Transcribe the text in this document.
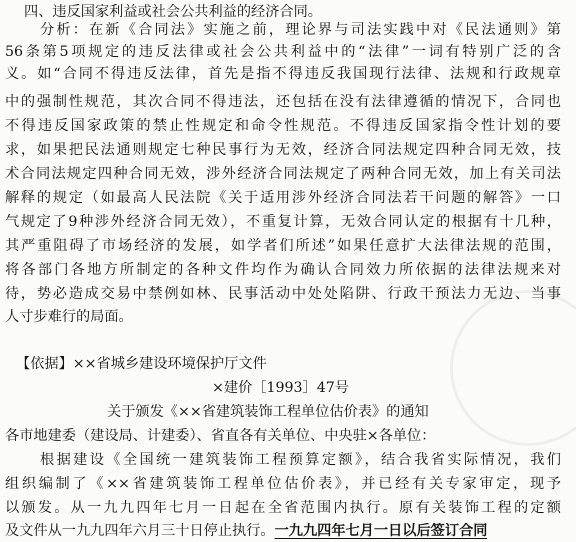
四、违反国家利益或社会公共利益的经济合同。
分析：在新《合同法》实施之前，理论界与司法实践中对《民法通则》第
56条第5项规定的违反法律或社会公共利益中的“法律”一词有特别广泛的含
义。如“合同不得违反法律，首先是指不得违反我国现行法律、法规和行政规章
中的强制性规范，其次合同不得违法，还包括在没有法律遵循的情况下，合同也
不得违反国家政策的禁止性规定和命令性规范。不得违反国家指令性计划的要
求，如果把民法通则规定七种民事行为无效，经济合同法规定四种合同无效，技
术合同法规定四种合同无效，涉外经济合同法规定了两种合同无效，加上有关司法
解释的规定（如最高人民法院《关于适用涉外经济合同法若干问题的解答》一口
气规定了9种涉外经济合同无效），不重复计算，无效合同认定的根据有十几种，
其严重阻碍了市场经济的发展，如学者们所述”如果任意扩大法律法规的范围，
将各部门各地方所制定的各种文件均作为确认合同效力所依据的法律法规来对
待，势必造成交易中禁例如林、民事活动中处处陷阱、行政干预法力无边、当事
人寸步难行的局面。
【依据】××省城乡建设环境保护厅文件
×建价［1993］47号
关于颁发《××省建筑装饰工程单位估价表》的通知
各市地建委（建设局、计建委）、省直各有关单位、中央驻×各单位：
根据建设《全国统一建筑装饰工程预算定额》，结合我省实际情况，我们
组织编制了《××省建筑装饰工程单位估价表》，并已经有关专家审定，现予
以颁发。从一九九四年七月一日起在全省范围内执行。原有关装饰工程的定额
及文件从一九九四年六月三十日停止执行。一九九四年七月一日以后签订合同
